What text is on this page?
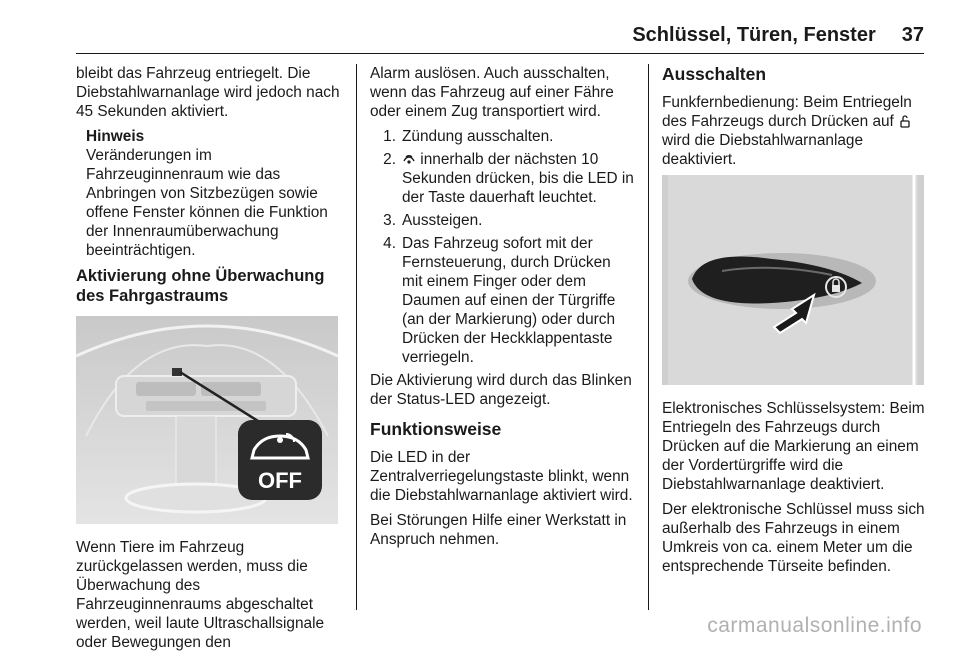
Schlüssel, Türen, Fenster 37

bleibt das Fahrzeug entriegelt. Die Diebstahlwarnanlage wird jedoch nach 45 Sekunden aktiviert.

Hinweis

Veränderungen im Fahrzeuginnenraum wie das Anbringen von Sitzbezügen sowie offene Fenster können die Funktion der Innenraumüberwachung beeinträchtigen.

Aktivierung ohne Überwachung des Fahrgastraums
OFF

Wenn Tiere im Fahrzeug zurückgelassen werden, muss die Überwachung des Fahrzeuginnenraums abgeschaltet werden, weil laute Ultraschallsignale oder Bewegungen den

Alarm auslösen. Auch ausschalten, wenn das Fahrzeug auf einer Fähre oder einem Zug transportiert wird.

1. Zündung ausschalten.
2.	innerhalb der nächsten 10 Sekunden drücken, bis die LED in der Taste dauerhaft leuchtet.
3. Aussteigen.
4. Das Fahrzeug sofort mit der Fernsteuerung, durch Drücken mit einem Finger oder dem Daumen auf einen der Türgriffe (an der Markierung) oder durch Drücken der Heckklappentaste verriegeln.

Die Aktivierung wird durch das Blinken der Status-LED angezeigt.

Funktionsweise

Die LED in der Zentralverriegelungstaste blinkt, wenn die Diebstahlwarnanlage aktiviert wird.

Bei Störungen Hilfe einer Werkstatt in Anspruch nehmen.

Ausschalten

Funkfernbedienung: Beim Entriegeln des Fahrzeugs durch Drücken auf  wird die Diebstahlwarnanlage deaktiviert.

Elektronisches Schlüsselsystem: Beim Entriegeln des Fahrzeugs durch Drücken auf die Markierung an einem der Vordertürgriffe wird die Diebstahlwarnanlage deaktiviert.

Der elektronische Schlüssel muss sich außerhalb des Fahrzeugs in einem Umkreis von ca. einem Meter um die entsprechende Türseite befinden.

carmanualsonline.info
